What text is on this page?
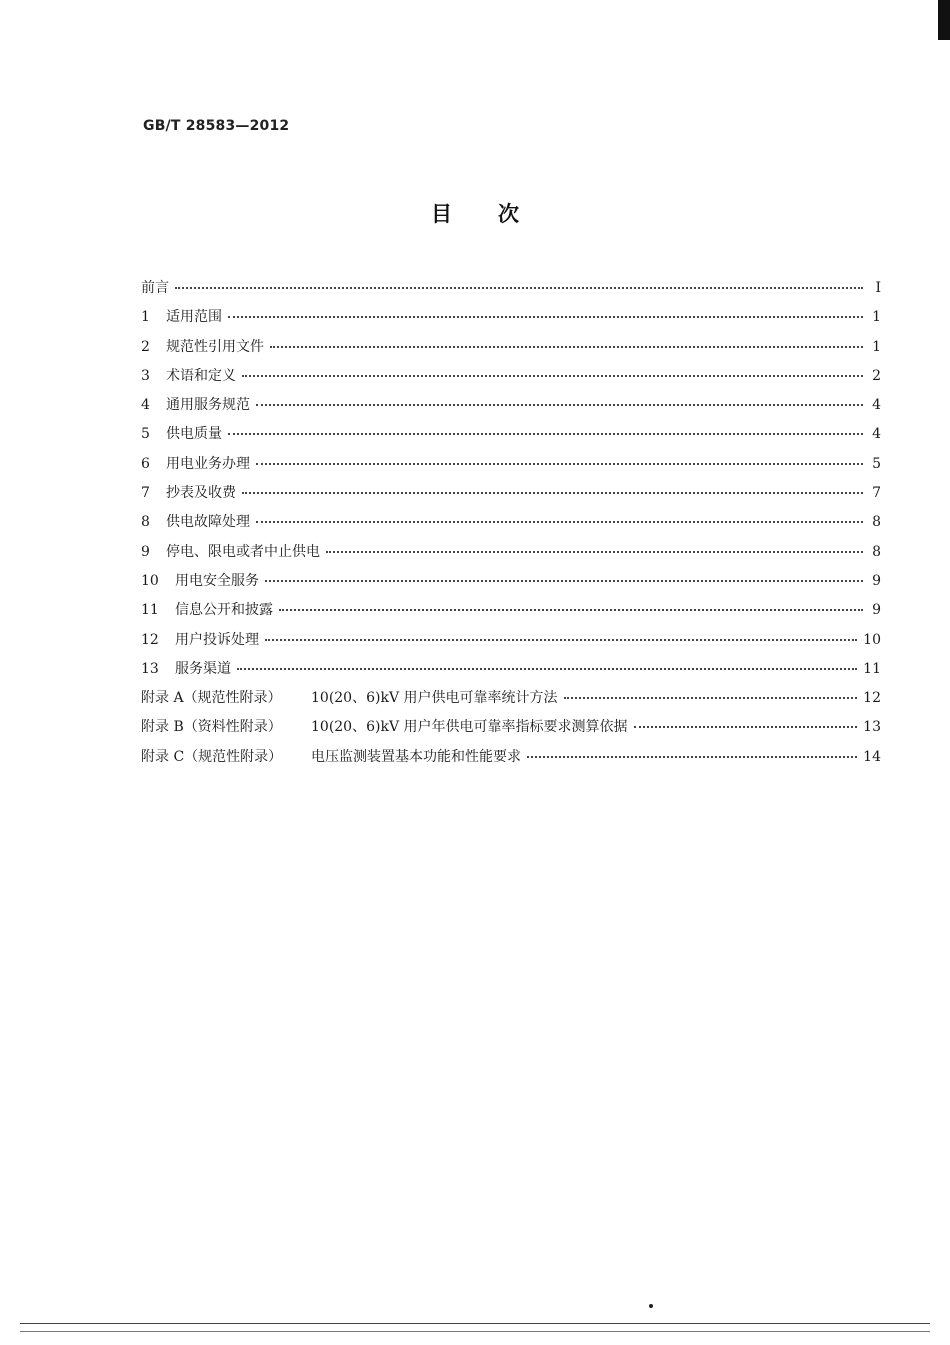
GB/T 28583—2012
目次
前言	Ⅰ
1 适用范围	1
2 规范性引用文件	1
3 术语和定义	2
4 通用服务规范	4
5 供电质量	4
6 用电业务办理	5
7 抄表及收费	7
8 供电故障处理	8
9 停电、限电或者中止供电	8
10 用电安全服务	9
11 信息公开和披露	9
12 用户投诉处理	10
13 服务渠道	11
附录 A（规范性附录） 10(20、6)kV 用户供电可靠率统计方法	12
附录 B（资料性附录） 10(20、6)kV 用户年供电可靠率指标要求测算依据	13
附录 C（规范性附录） 电压监测装置基本功能和性能要求	14
